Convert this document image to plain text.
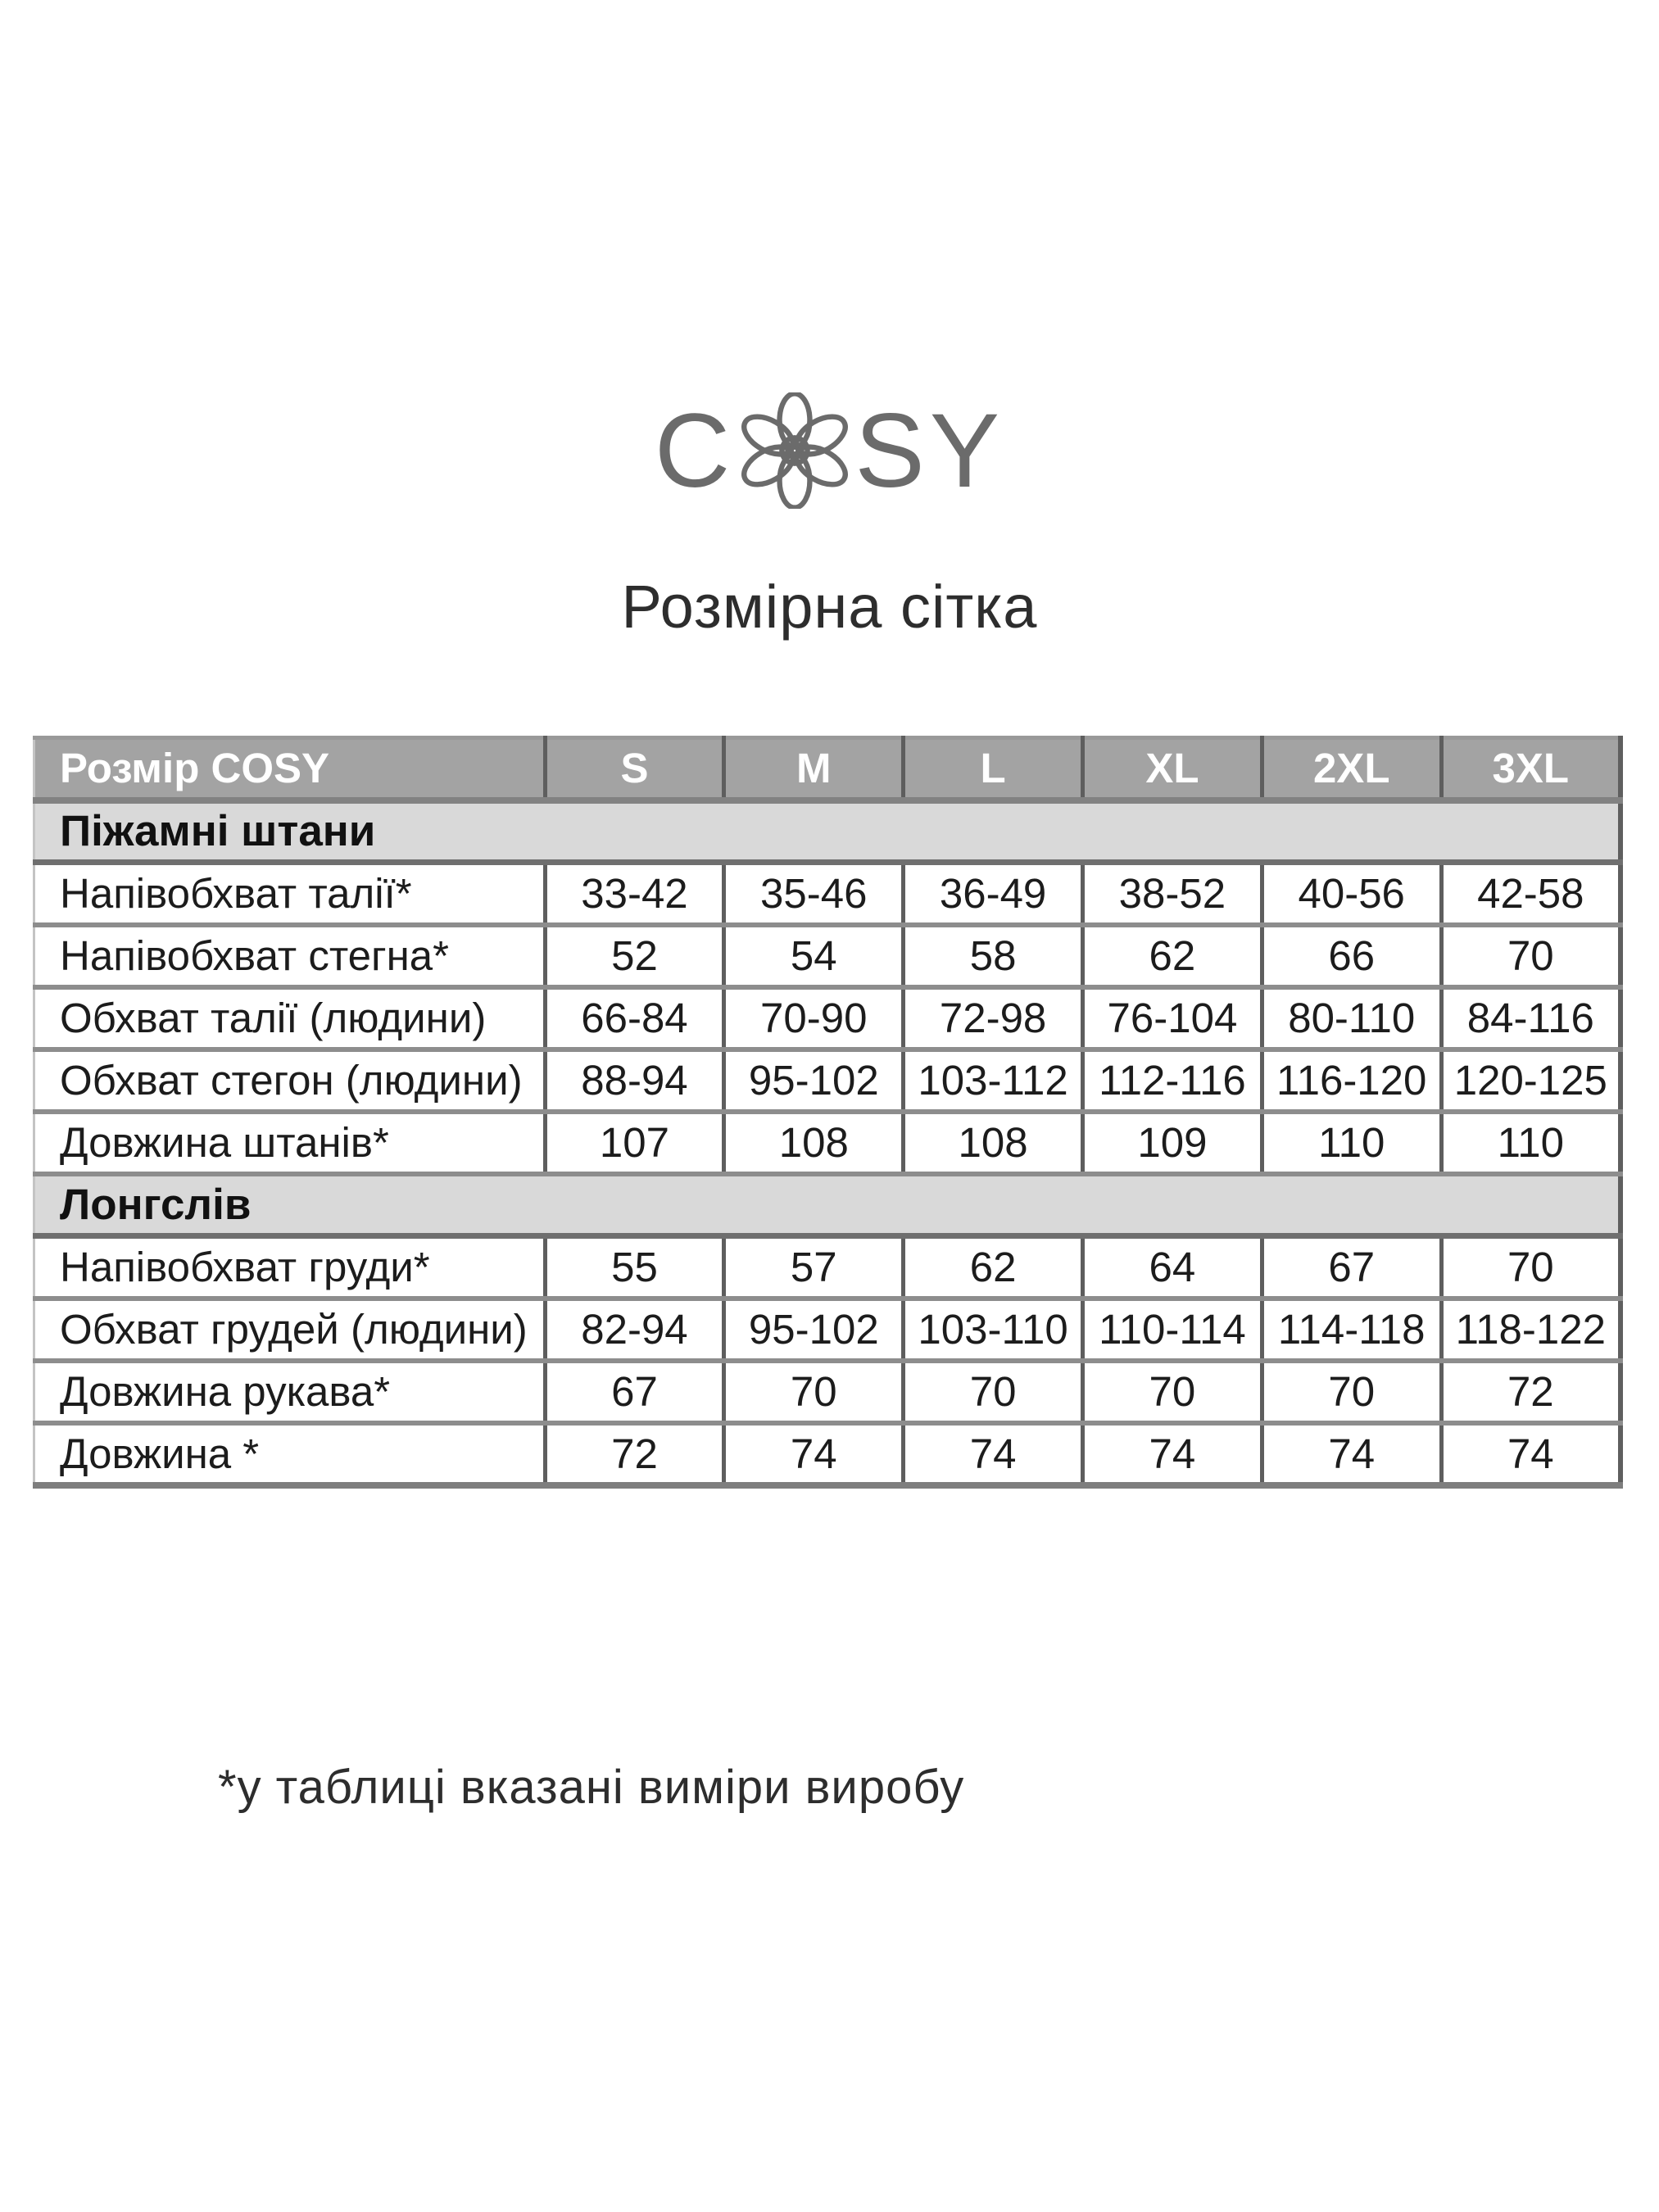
C SY
Розмірна сітка
Розмір COSY	S	M	L	XL	2XL	3XL
Піжамні штани						
Напівобхват талії*	33-42	35-46	36-49	38-52	40-56	42-58
Напівобхват стегна*	52	54	58	62	66	70
Обхват талії (людини)	66-84	70-90	72-98	76-104	80-110	84-116
Обхват стегон (людини)	88-94	95-102	103-112	112-116	116-120	120-125
Довжина штанів*	107	108	108	109	110	110
Лонгслів						
Напівобхват груди*	55	57	62	64	67	70
Обхват грудей (людини)	82-94	95-102	103-110	110-114	114-118	118-122
Довжина рукава*	67	70	70	70	70	72
Довжина *	72	74	74	74	74	74
*у таблиці вказані виміри виробу
